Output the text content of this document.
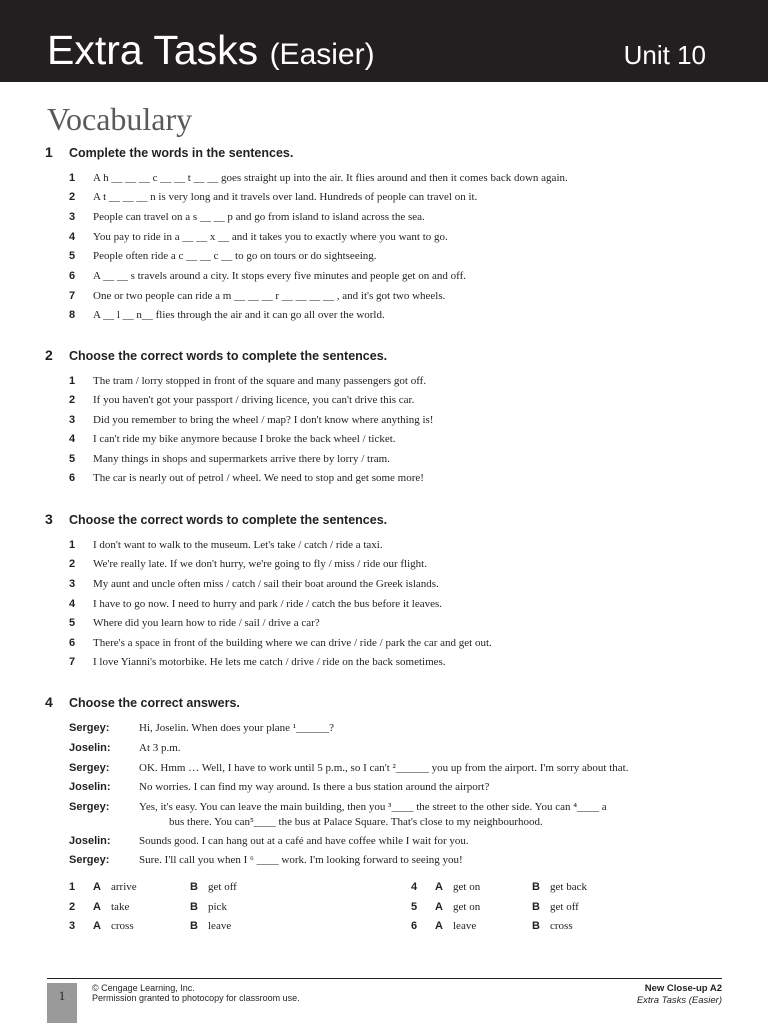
Extra Tasks (Easier)	Unit 10
Vocabulary
1 Complete the words in the sentences.
1 A h __ __ __ c __ __ t __ __ goes straight up into the air. It flies around and then it comes back down again.
2 A t __ __ __ n is very long and it travels over land. Hundreds of people can travel on it.
3 People can travel on a s __ __ p and go from island to island across the sea.
4 You pay to ride in a __ __ x __ and it takes you to exactly where you want to go.
5 People often ride a c __ __ c __ to go on tours or do sightseeing.
6 A __ __ s travels around a city. It stops every five minutes and people get on and off.
7 One or two people can ride a m __ __ __ r __ __ __ __ , and it's got two wheels.
8 A __ l __ n__ flies through the air and it can go all over the world.
2 Choose the correct words to complete the sentences.
1 The tram / lorry stopped in front of the square and many passengers got off.
2 If you haven't got your passport / driving licence, you can't drive this car.
3 Did you remember to bring the wheel / map? I don't know where anything is!
4 I can't ride my bike anymore because I broke the back wheel / ticket.
5 Many things in shops and supermarkets arrive there by lorry / tram.
6 The car is nearly out of petrol / wheel. We need to stop and get some more!
3 Choose the correct words to complete the sentences.
1 I don't want to walk to the museum. Let's take / catch / ride a taxi.
2 We're really late. If we don't hurry, we're going to fly / miss / ride our flight.
3 My aunt and uncle often miss / catch / sail their boat around the Greek islands.
4 I have to go now. I need to hurry and park / ride / catch the bus before it leaves.
5 Where did you learn how to ride / sail / drive a car?
6 There's a space in front of the building where we can drive / ride / park the car and get out.
7 I love Yianni's motorbike. He lets me catch / drive / ride on the back sometimes.
4 Choose the correct answers.
Sergey:	Hi, Joselin. When does your plane ¹______?
Joselin:	At 3 p.m.
Sergey:	OK. Hmm … Well, I have to work until 5 p.m., so I can't ²______ you up from the airport. I'm sorry about that.
Joselin:	No worries. I can find my way around. Is there a bus station around the airport?
Sergey:	Yes, it's easy. You can leave the main building, then you ³____ the street to the other side. You can ⁴____ a
bus there. You can⁵____ the bus at Palace Square. That's close to my neighbourhood.
Joselin:	Sounds good. I can hang out at a café and have coffee while I wait for you.
Sergey:	Sure. I'll call you when I ⁶ ____ work. I'm looking forward to seeing you!
1 A arrive	B get off
2 A take	B pick
3 A cross	B leave
4 A get on	B get back
5 A get on	B get off
6 A leave	B cross
1	© Cengage Learning, Inc.
Permission granted to photocopy for classroom use.
New Close-up A2
Extra Tasks (Easier)
